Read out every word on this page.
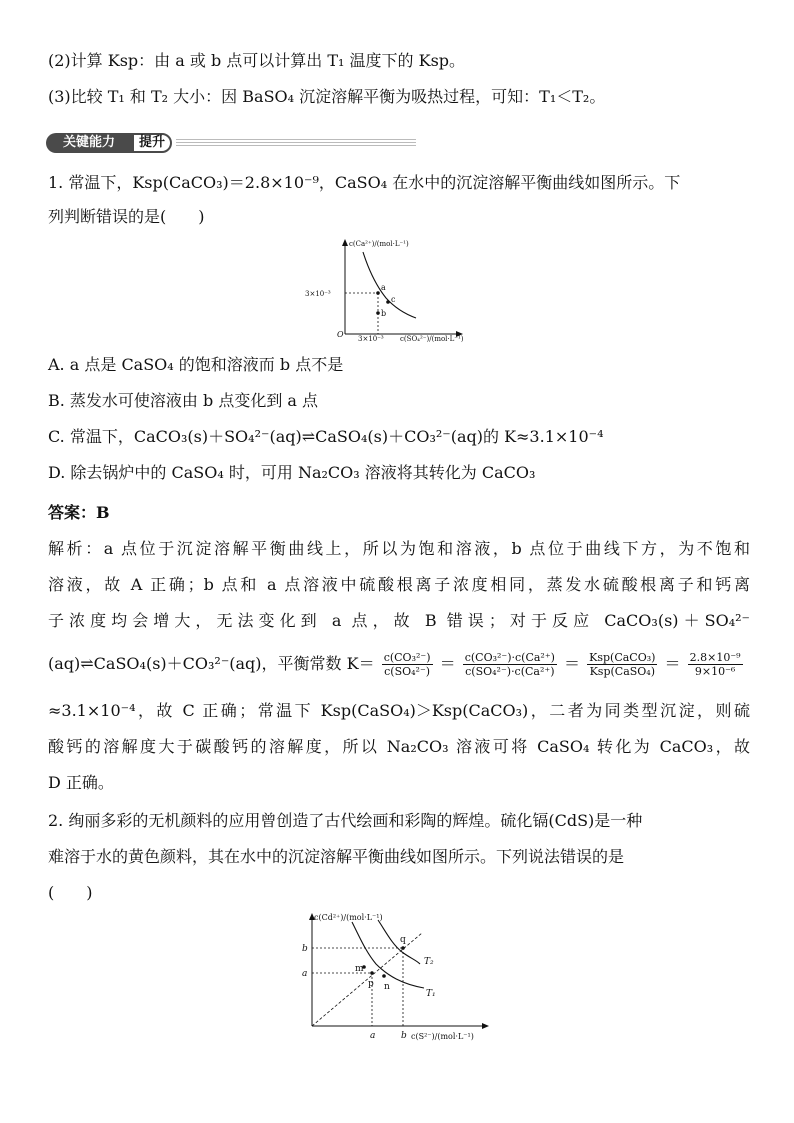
(2)计算 Ksp：由 a 或 b 点可以计算出 T₁ 温度下的 Ksp。
(3)比较 T₁ 和 T₂ 大小：因 BaSO₄ 沉淀溶解平衡为吸热过程，可知：T₁＜T₂。
关键能力	提升
1. 常温下，Ksp(CaCO₃)＝2.8×10⁻⁹，CaSO₄ 在水中的沉淀溶解平衡曲线如图所示。下
列判断错误的是(　　)
a
c
b
c(Ca²⁺)/(mol·L⁻¹)
c(SO₄²⁻)/(mol·L⁻¹)
3×10⁻³
3×10⁻³
O
A. a 点是 CaSO₄ 的饱和溶液而 b 点不是
B. 蒸发水可使溶液由 b 点变化到 a 点
C. 常温下，CaCO₃(s)＋SO₄²⁻(aq)⇌CaSO₄(s)＋CO₃²⁻(aq)的 K≈3.1×10⁻⁴
D. 除去锅炉中的 CaSO₄ 时，可用 Na₂CO₃ 溶液将其转化为 CaCO₃
答案：B
解析：a 点位于沉淀溶解平衡曲线上，所以为饱和溶液，b 点位于曲线下方，为不饱和
溶液，故 A 正确；b 点和 a 点溶液中硫酸根离子浓度相同，蒸发水硫酸根离子和钙离
子浓度均会增大，无法变化到 a 点，故 B 错误；对于反应 CaCO₃(s)＋SO₄²⁻
(aq)⇌CaSO₄(s)＋CO₃²⁻(aq)，平衡常数 $K= \frac{\text{c(CO₃²⁻)}}{\text{c(SO₄²⁻)}} = \frac{\text{c(CO₃²⁻)·c(Ca²⁺)}}{\text{c(SO₄²⁻)·c(Ca²⁺)}} = \frac{\text{Ksp(CaCO₃)}}{\text{Ksp(CaSO₄)}} = \frac{\text{2.8×10⁻⁹}}{\text{9×10⁻⁶}}$
≈3.1×10⁻⁴，故 C 正确；常温下 Ksp(CaSO₄)＞Ksp(CaCO₃)，二者为同类型沉淀，则硫
酸钙的溶解度大于碳酸钙的溶解度，所以 Na₂CO₃ 溶液可将 CaSO₄ 转化为 CaCO₃，故
D 正确。
2. 绚丽多彩的无机颜料的应用曾创造了古代绘画和彩陶的辉煌。硫化镉(CdS)是一种
难溶于水的黄色颜料，其在水中的沉淀溶解平衡曲线如图所示。下列说法错误的是
(　　)
q
m
p n
T₂
T₁
c(Cd²⁺)/(mol·L⁻¹)
c(S²⁻)/(mol·L⁻¹)
b
a
a	b
